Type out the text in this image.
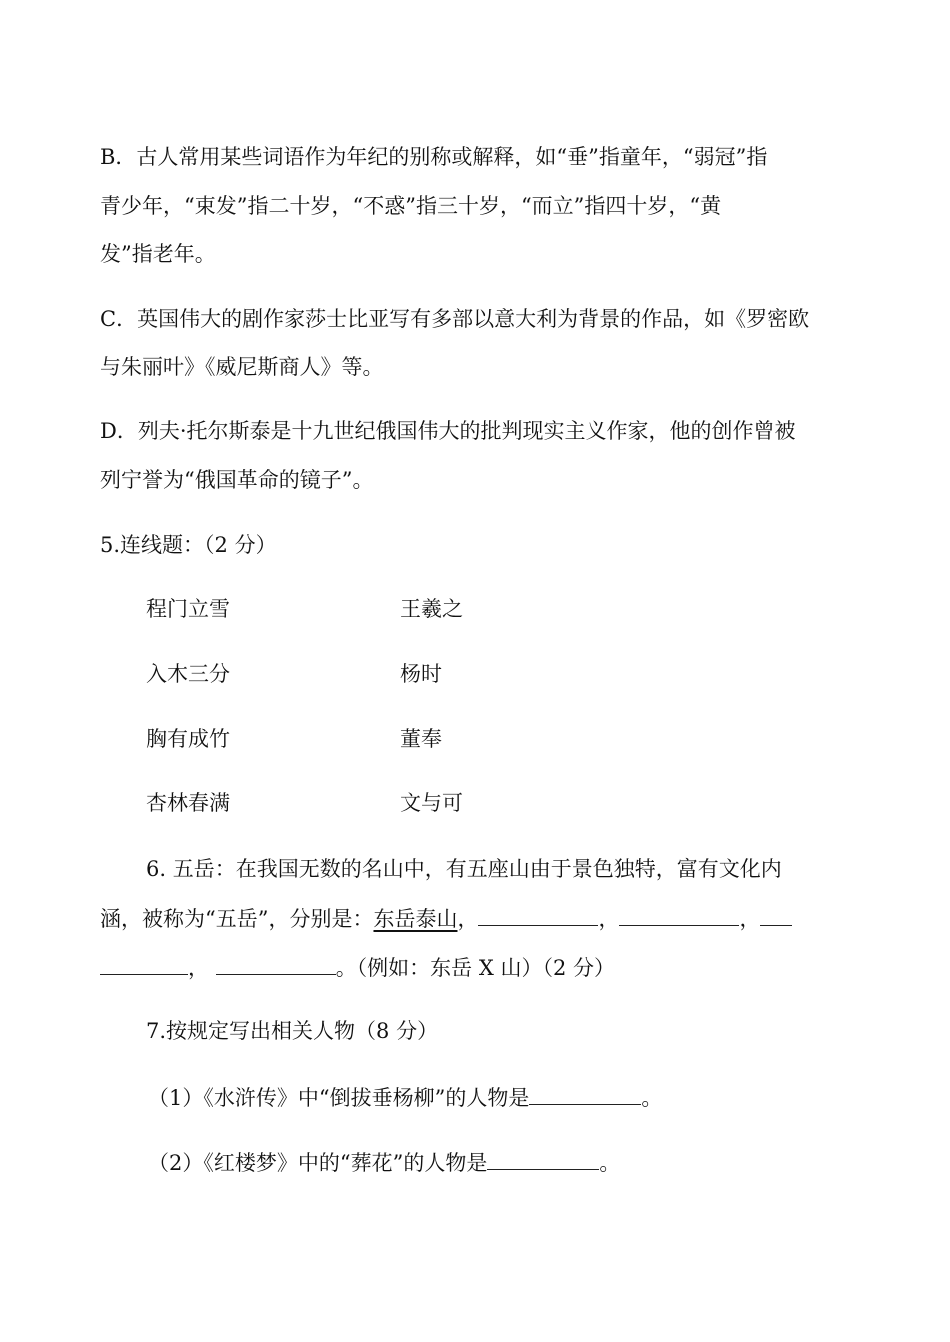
B．古人常用某些词语作为年纪的别称或解释，如“垂”指童年，“弱冠”指
青少年，“束发”指二十岁，“不惑”指三十岁，“而立”指四十岁，“黄
发”指老年。
C．英国伟大的剧作家莎士比亚写有多部以意大利为背景的作品，如《罗密欧
与朱丽叶》《威尼斯商人》等。
D．列夫·托尔斯泰是十九世纪俄国伟大的批判现实主义作家，他的创作曾被
列宁誉为“俄国革命的镜子”。
5.连线题：（2 分）
程门立雪	王羲之
入木三分	杨时
胸有成竹	董奉
杏林春满	文与可
6. 五岳：在我国无数的名山中，有五座山由于景色独特，富有文化内
涵，被称为“五岳”，分别是：东岳泰山，	，	，
，	。（例如：东岳 X 山）（2 分）
7.按规定写出相关人物（8 分）
（1）《水浒传》中“倒拔垂杨柳”的人物是	。
（2）《红楼梦》中的“葬花”的人物是	。
